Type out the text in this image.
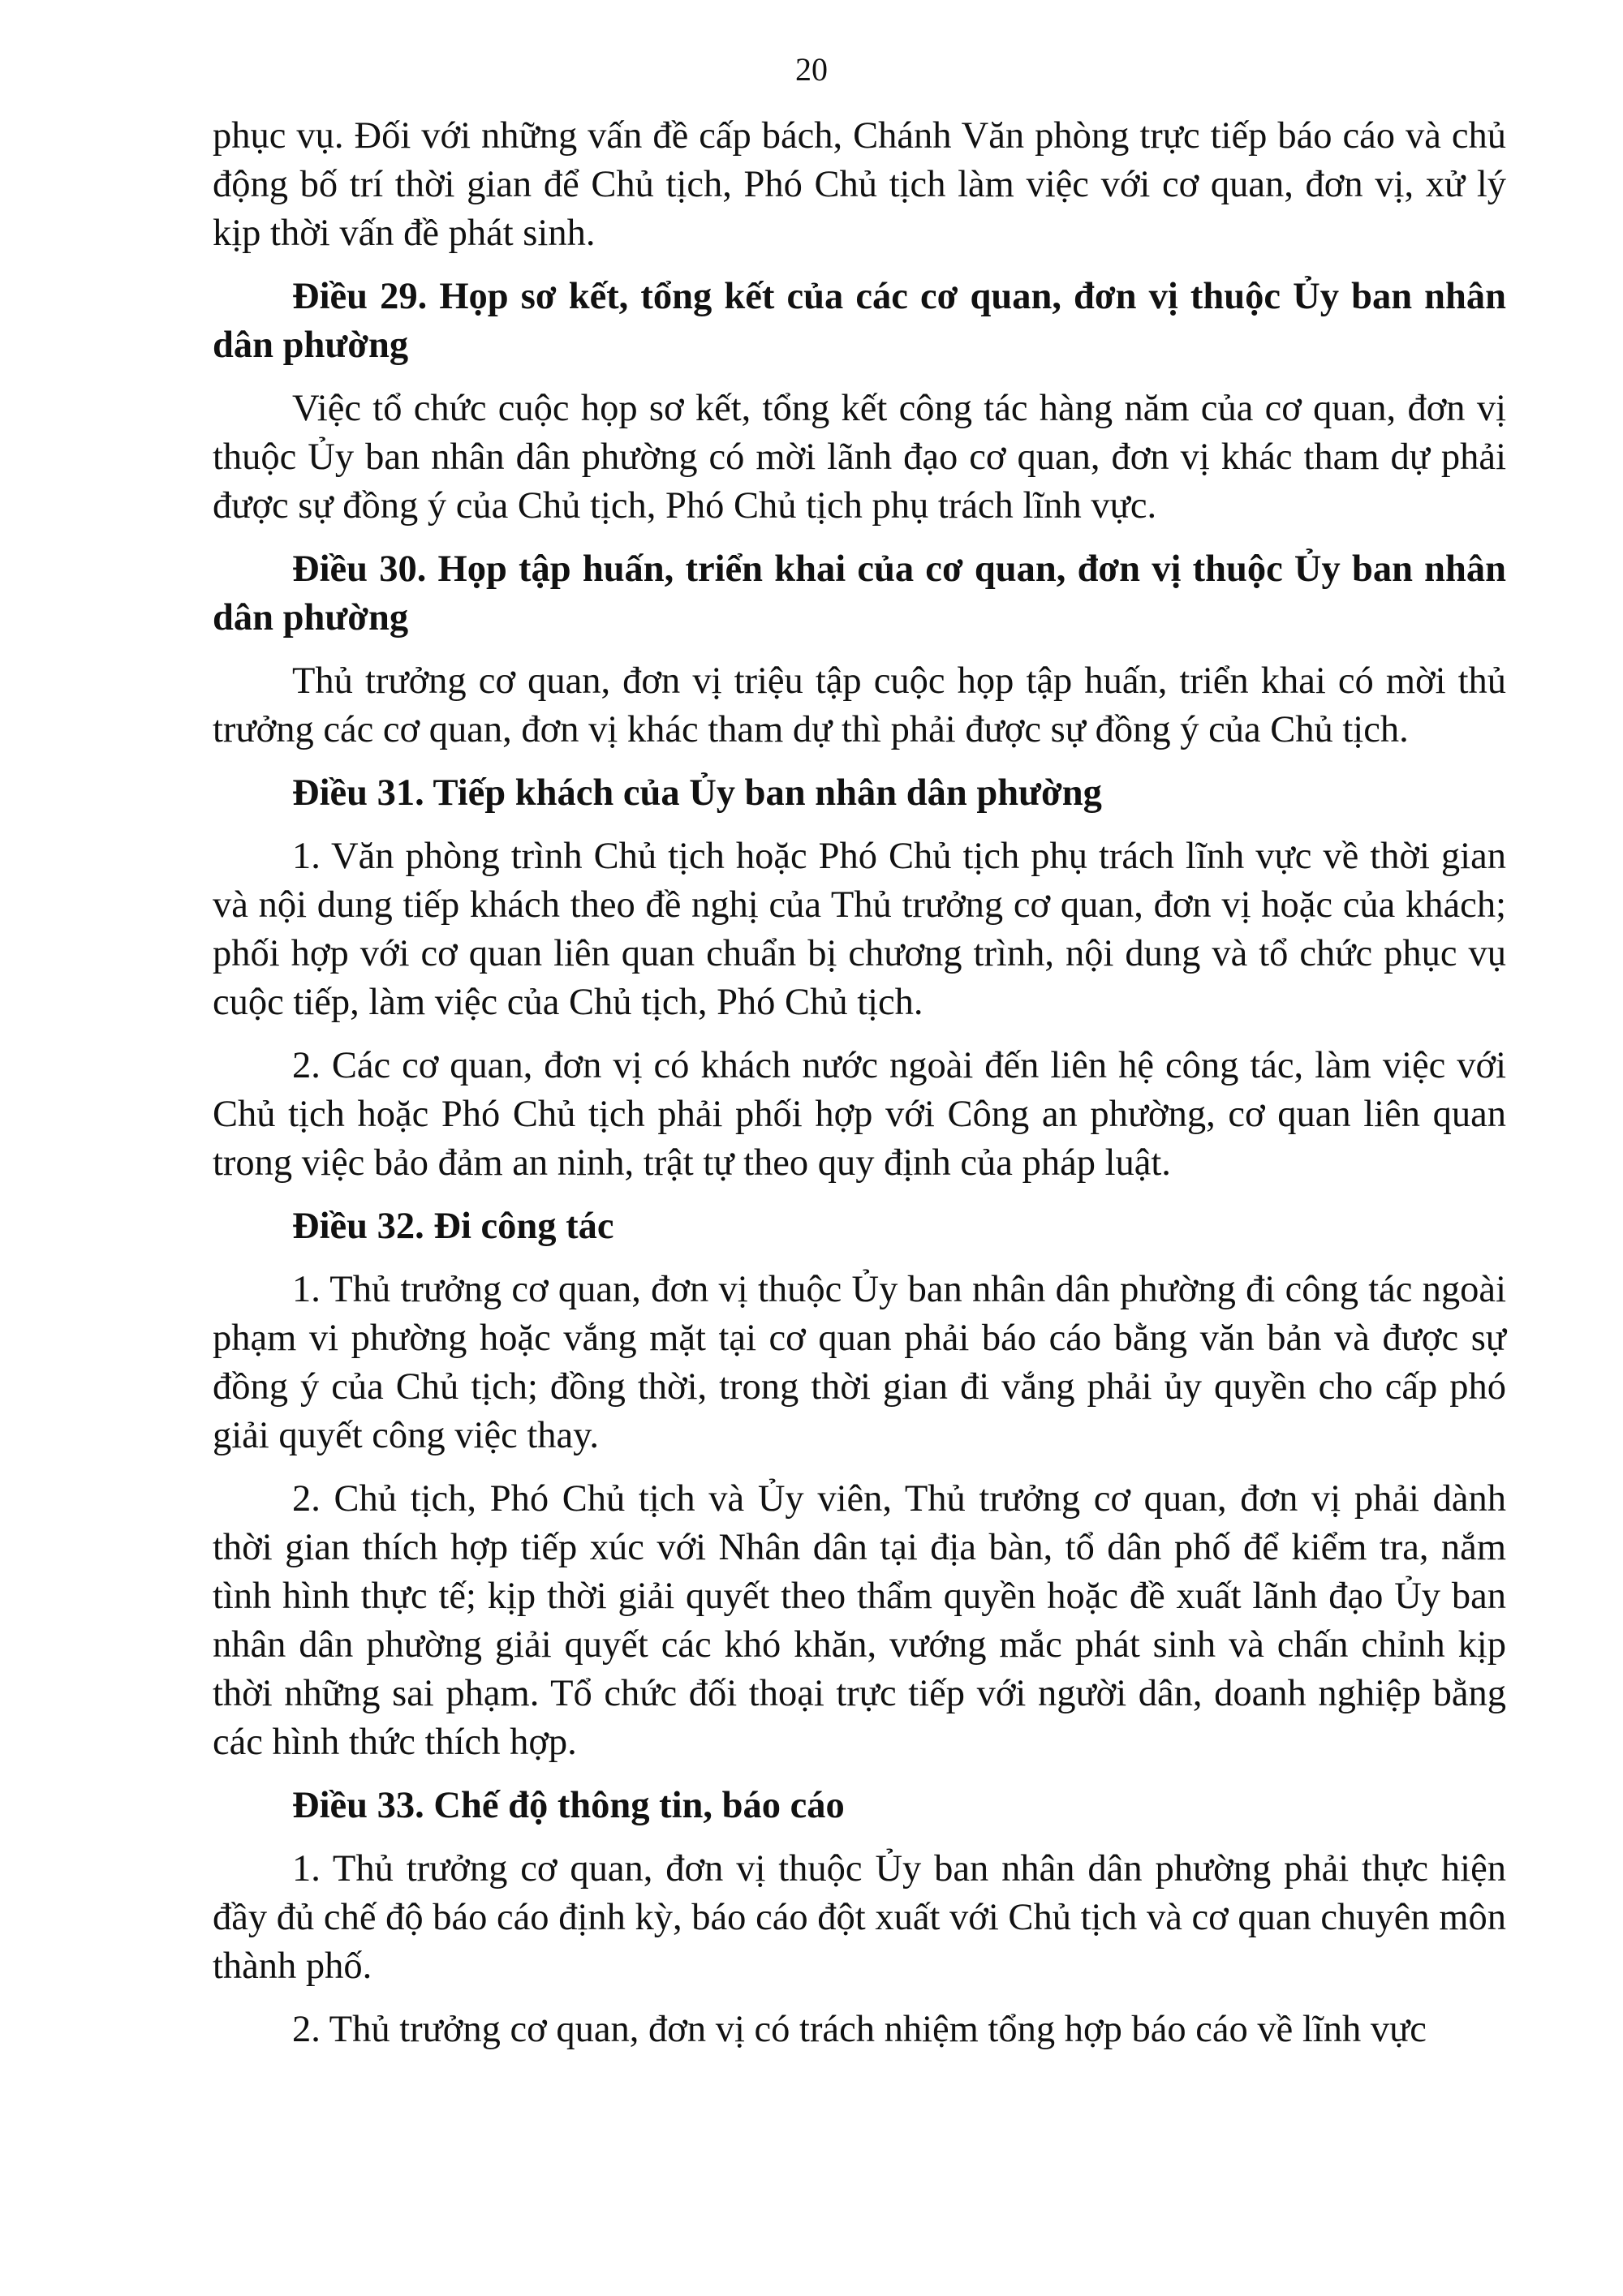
20

phục vụ. Đối với những vấn đề cấp bách, Chánh Văn phòng trực tiếp báo cáo và chủ động bố trí thời gian để Chủ tịch, Phó Chủ tịch làm việc với cơ quan, đơn vị, xử lý kịp thời vấn đề phát sinh.

Điều 29. Họp sơ kết, tổng kết của các cơ quan, đơn vị thuộc Ủy ban nhân dân phường

Việc tổ chức cuộc họp sơ kết, tổng kết công tác hàng năm của cơ quan, đơn vị thuộc Ủy ban nhân dân phường có mời lãnh đạo cơ quan, đơn vị khác tham dự phải được sự đồng ý của Chủ tịch, Phó Chủ tịch phụ trách lĩnh vực.

Điều 30. Họp tập huấn, triển khai của cơ quan, đơn vị thuộc Ủy ban nhân dân phường

Thủ trưởng cơ quan, đơn vị triệu tập cuộc họp tập huấn, triển khai có mời thủ trưởng các cơ quan, đơn vị khác tham dự thì phải được sự đồng ý của Chủ tịch.

Điều 31. Tiếp khách của Ủy ban nhân dân phường

1. Văn phòng trình Chủ tịch hoặc Phó Chủ tịch phụ trách lĩnh vực về thời gian và nội dung tiếp khách theo đề nghị của Thủ trưởng cơ quan, đơn vị hoặc của khách; phối hợp với cơ quan liên quan chuẩn bị chương trình, nội dung và tổ chức phục vụ cuộc tiếp, làm việc của Chủ tịch, Phó Chủ tịch.

2. Các cơ quan, đơn vị có khách nước ngoài đến liên hệ công tác, làm việc với Chủ tịch hoặc Phó Chủ tịch phải phối hợp với Công an phường, cơ quan liên quan trong việc bảo đảm an ninh, trật tự theo quy định của pháp luật.

Điều 32. Đi công tác

1. Thủ trưởng cơ quan, đơn vị thuộc Ủy ban nhân dân phường đi công tác ngoài phạm vi phường hoặc vắng mặt tại cơ quan phải báo cáo bằng văn bản và được sự đồng ý của Chủ tịch; đồng thời, trong thời gian đi vắng phải ủy quyền cho cấp phó giải quyết công việc thay.

2. Chủ tịch, Phó Chủ tịch và Ủy viên, Thủ trưởng cơ quan, đơn vị phải dành thời gian thích hợp tiếp xúc với Nhân dân tại địa bàn, tổ dân phố để kiểm tra, nắm tình hình thực tế; kịp thời giải quyết theo thẩm quyền hoặc đề xuất lãnh đạo Ủy ban nhân dân phường giải quyết các khó khăn, vướng mắc phát sinh và chấn chỉnh kịp thời những sai phạm. Tổ chức đối thoại trực tiếp với người dân, doanh nghiệp bằng các hình thức thích hợp.

Điều 33. Chế độ thông tin, báo cáo

1. Thủ trưởng cơ quan, đơn vị thuộc Ủy ban nhân dân phường phải thực hiện đầy đủ chế độ báo cáo định kỳ, báo cáo đột xuất với Chủ tịch và cơ quan chuyên môn thành phố.

2. Thủ trưởng cơ quan, đơn vị có trách nhiệm tổng hợp báo cáo về lĩnh vực
